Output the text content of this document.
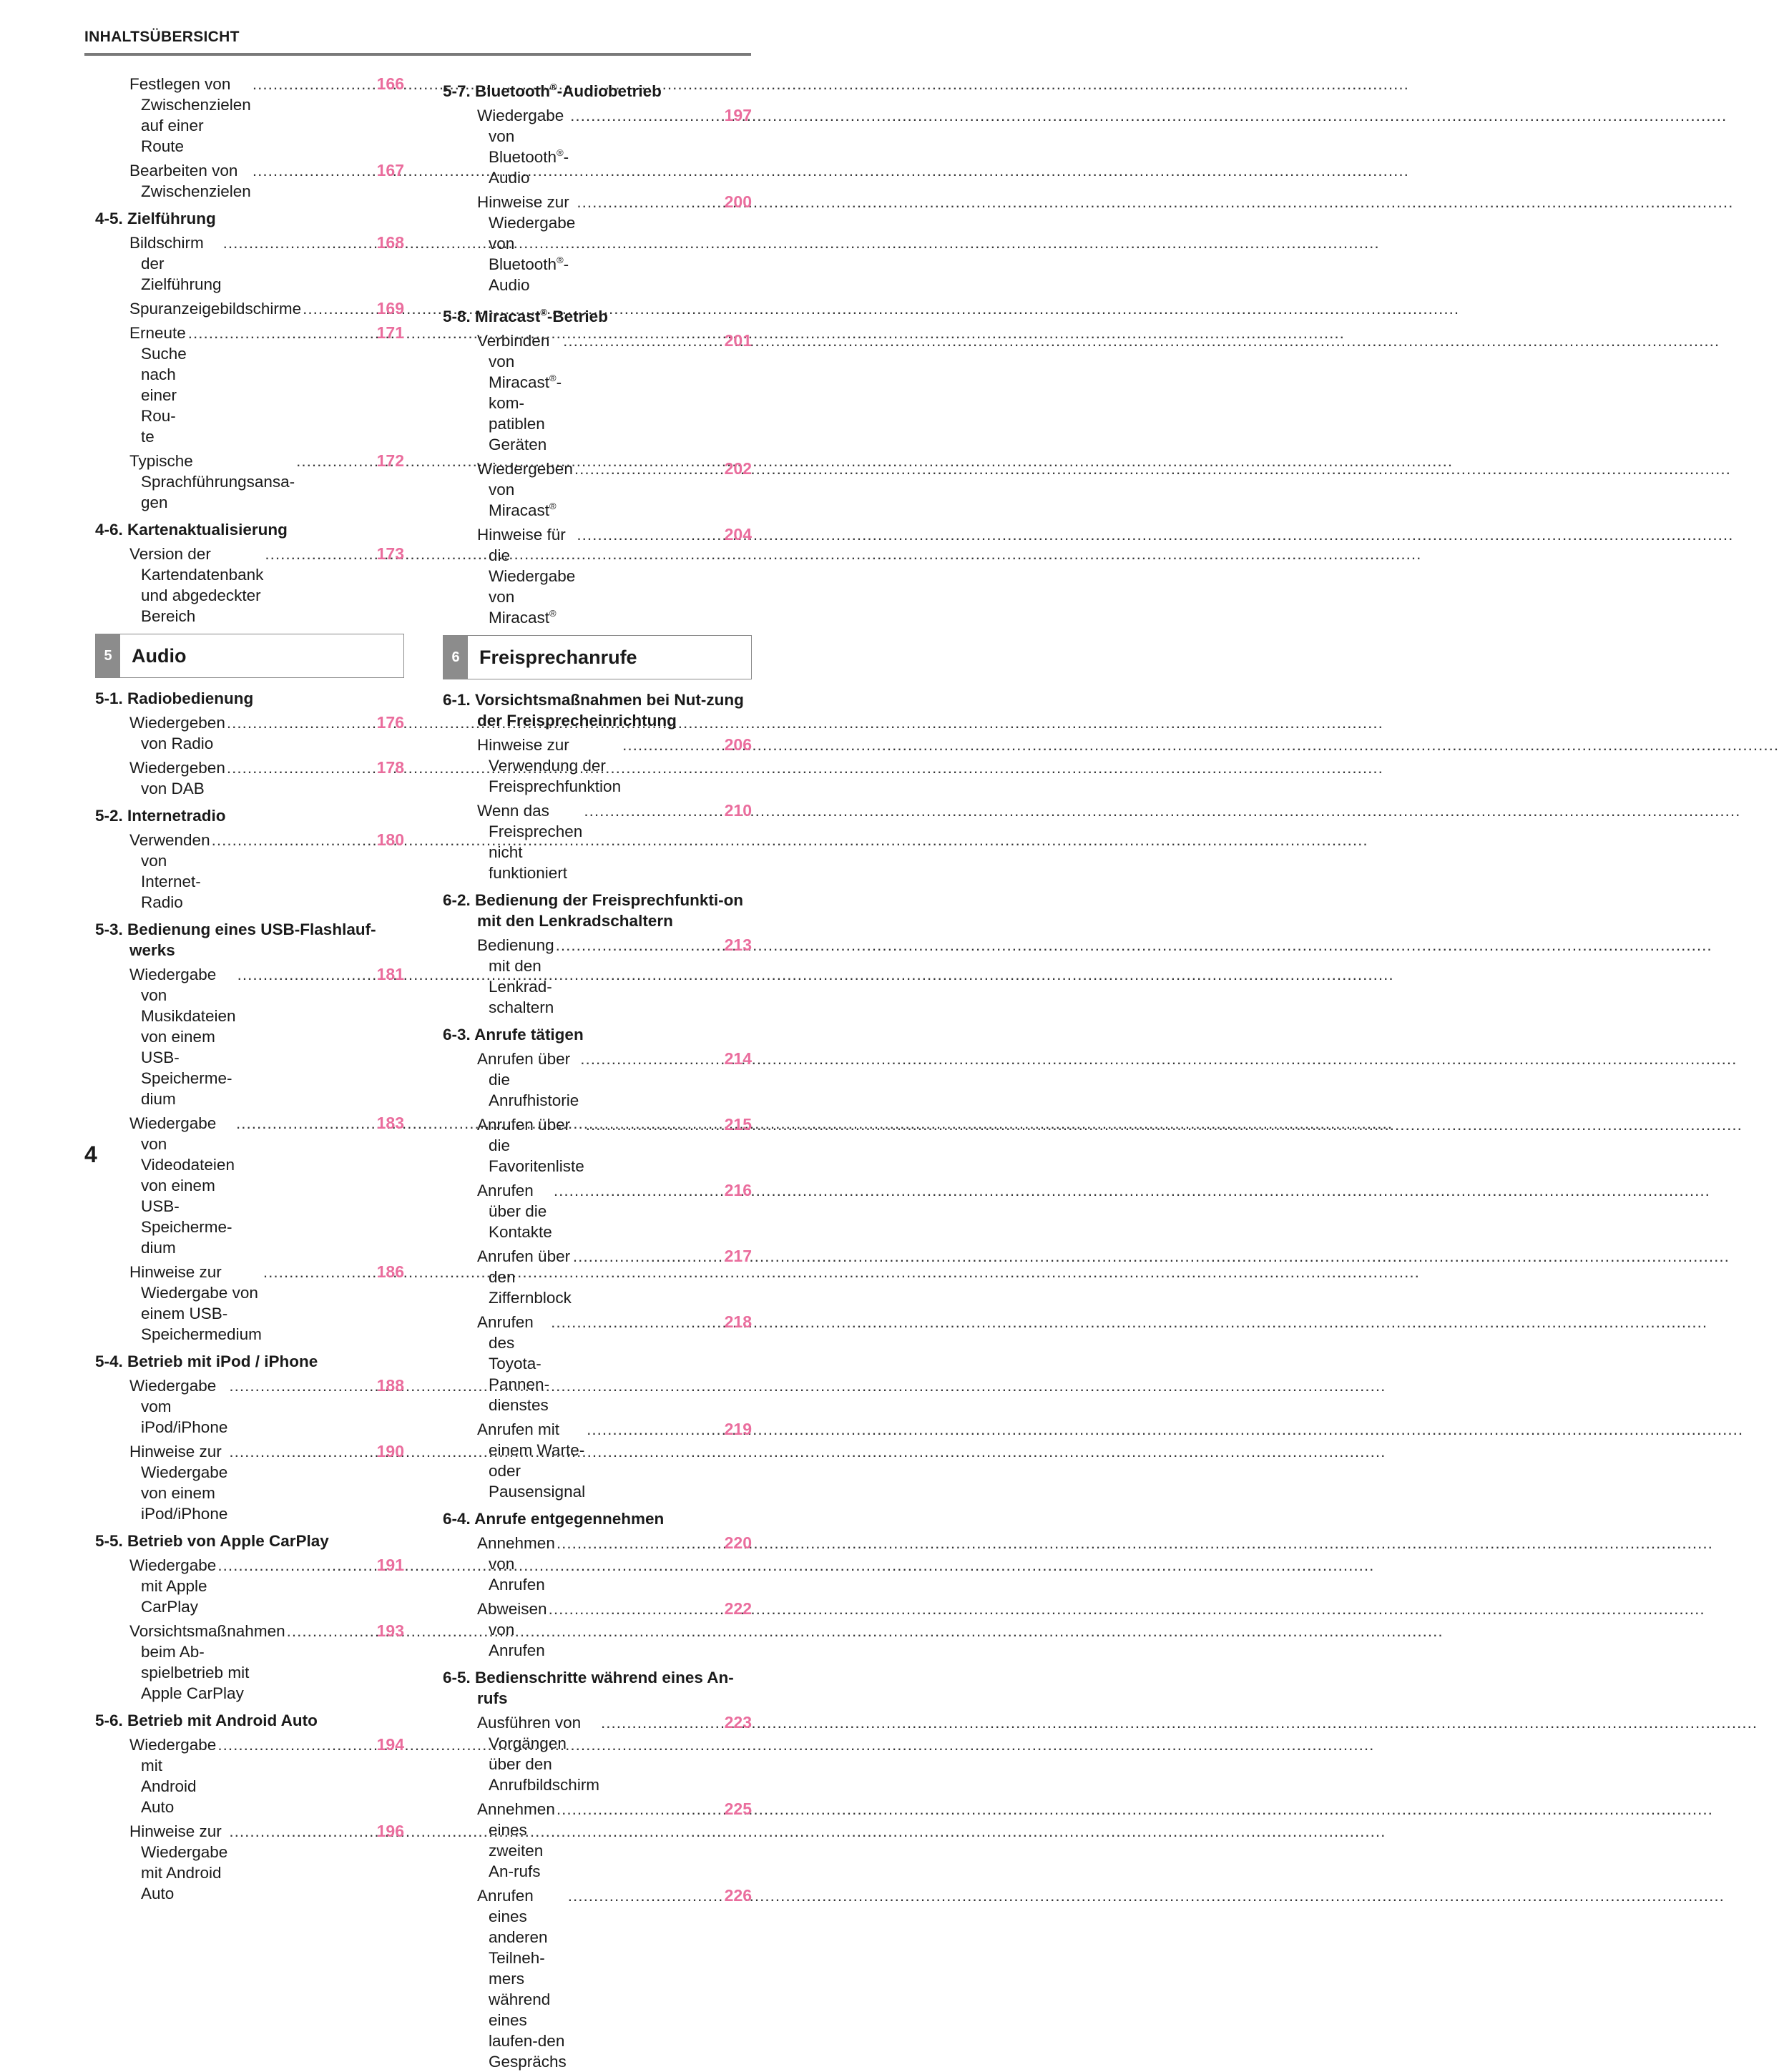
INHALTSÜBERSICHT
Festlegen von Zwischenzielen auf einer Route
.....
166
Bearbeiten von Zwischenzielen
.....
167
4-5. Zielführung
Bildschirm der Zielführung
.....
168
Spuranzeigebildschirme
.....	169
Erneute Suche nach einer Rou-te
.....
171
Typische Sprachführungsansa-gen
.....
172
4-6. Kartenaktualisierung
Version der Kartendatenbank und abgedeckter Bereich
.....
173
5	Audio
5-1. Radiobedienung
Wiedergeben von Radio
.....
176
Wiedergeben von DAB
.....
178
5-2. Internetradio
Verwenden von Internet-Radio
.....
180
5-3. Bedienung eines USB-Flashlauf-werks
Wiedergabe von Musikdateien von einem USB-Speicherme-dium
.....
181
Wiedergabe von Videodateien von einem USB-Speicherme-dium
.....
183
Hinweise zur Wiedergabe von einem USB-Speichermedium
.....
186
5-4. Betrieb mit iPod / iPhone
Wiedergabe vom iPod/iPhone
.....
188
Hinweise zur Wiedergabe von einem iPod/iPhone
.....
190
5-5. Betrieb von Apple CarPlay
Wiedergabe mit Apple CarPlay
.....
191
Vorsichtsmaßnahmen beim Ab-spielbetrieb mit Apple CarPlay
.....
193
5-6. Betrieb mit Android Auto
Wiedergabe mit Android Auto
.....
194
Hinweise zur Wiedergabe mit Android Auto
.....
196
5-7. Bluetooth®-Audiobetrieb
Wiedergabe von Bluetooth®-Audio
.....
197
Hinweise zur Wiedergabe von Bluetooth®-Audio
.....
200
5-8. Miracast®-Betrieb
Verbinden von Miracast®-kom-patiblen Geräten
.....
201
Wiedergeben von Miracast®
.....
202
Hinweise für die Wiedergabe von Miracast®
.....
204
6	Freisprechanrufe
6-1. Vorsichtsmaßnahmen bei Nut-zung der Freisprecheinrichtung
Hinweise zur Verwendung der Freisprechfunktion
.....
206
Wenn das Freisprechen nicht funktioniert
.....
210
6-2. Bedienung der Freisprechfunkti-on mit den Lenkradschaltern
Bedienung mit den Lenkrad-schaltern
.....
213
6-3. Anrufe tätigen
Anrufen über die Anrufhistorie
.....
214
Anrufen über die Favoritenliste
.....
215
Anrufen über die Kontakte
.....
216
Anrufen über den Ziffernblock
.....
217
Anrufen des Toyota-Pannen-dienstes
.....
218
Anrufen mit einem Warte- oder Pausensignal
.....
219
6-4. Anrufe entgegennehmen
Annehmen von Anrufen
.....
220
Abweisen von Anrufen
.....
222
6-5. Bedienschritte während eines An-rufs
Ausführen von Vorgängen über den Anrufbildschirm
.....
223
Annehmen eines zweiten An-rufs
.....
225
Anrufen eines anderen Teilneh-mers während eines laufen-den Gesprächs
.....
226
4
